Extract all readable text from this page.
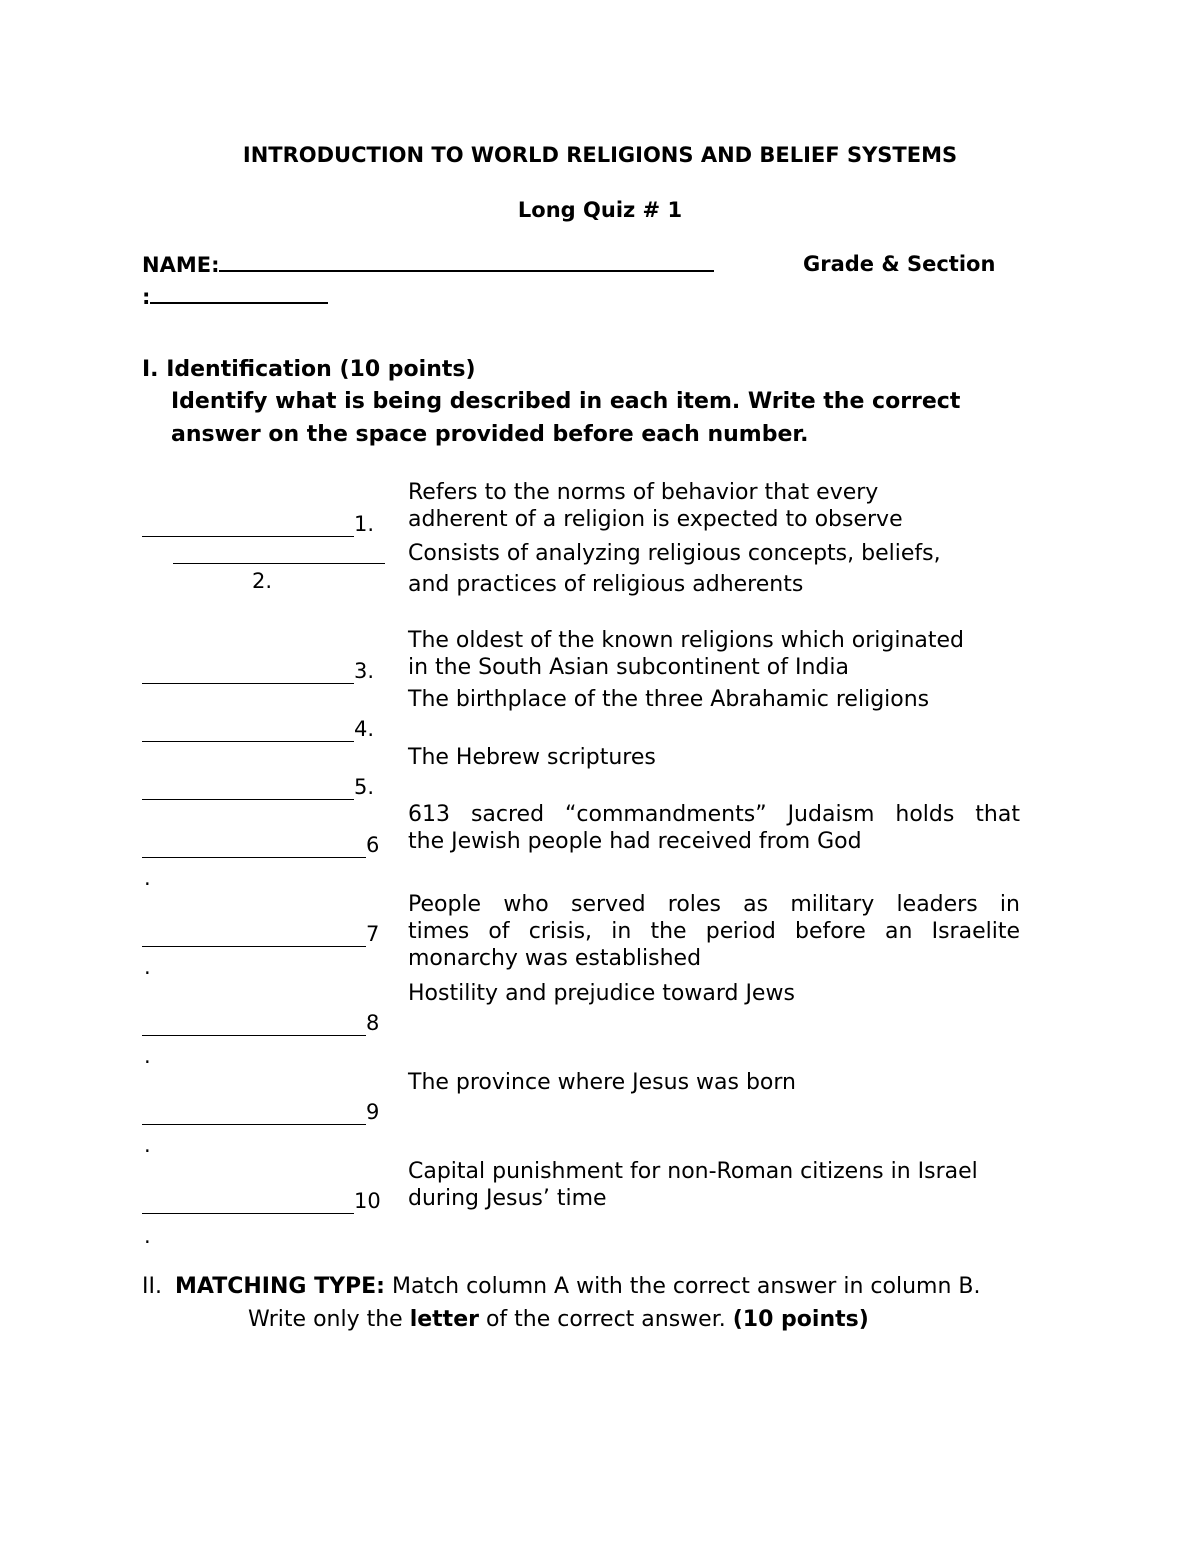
INTRODUCTION TO WORLD RELIGIONS AND BELIEF SYSTEMS
Long Quiz # 1
NAME:	Grade & Section
:
I. Identification (10 points)
Identify what is being described in each item. Write the correct
answer on the space provided before each number.
1.
Refers to the norms of behavior that every
adherent of a religion is expected to observe
2.
Consists of analyzing religious concepts, beliefs,
and practices of religious adherents
3.
The oldest of the known religions which originated
in the South Asian subcontinent of India
4.
The birthplace of the three Abrahamic religions
5.
The Hebrew scriptures
6
.
613 sacred “commandments” Judaism holds that
the Jewish people had received from God
7
.
People who served roles as military leaders in
times of crisis, in the period before an Israelite
monarchy was established
8
.
Hostility and prejudice toward Jews
9
.
The province where Jesus was born
10
.
Capital punishment for non-Roman citizens in Israel
during Jesus’ time
II. MATCHING TYPE: Match column A with the correct answer in column B.
Write only the letter of the correct answer. (10 points)
